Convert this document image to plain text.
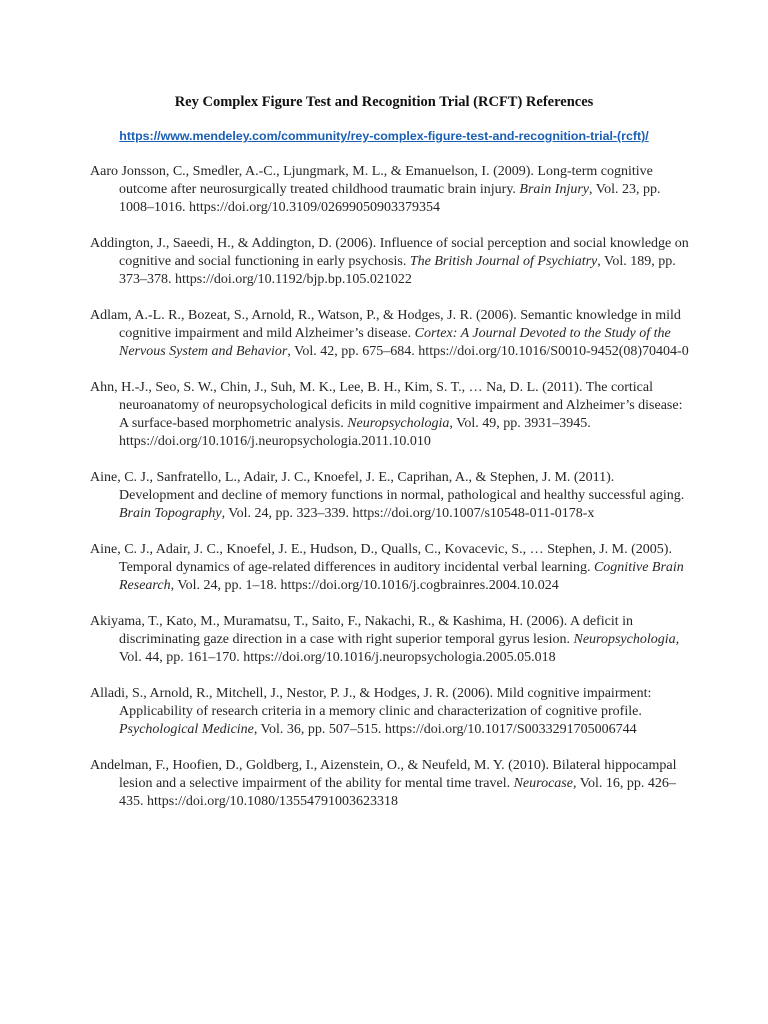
Rey Complex Figure Test and Recognition Trial (RCFT) References
https://www.mendeley.com/community/rey-complex-figure-test-and-recognition-trial-(rcft)/

Aaro Jonsson, C., Smedler, A.-C., Ljungmark, M. L., & Emanuelson, I. (2009). Long-term cognitive outcome after neurosurgically treated childhood traumatic brain injury. Brain Injury, Vol. 23, pp. 1008–1016. https://doi.org/10.3109/02699050903379354

Addington, J., Saeedi, H., & Addington, D. (2006). Influence of social perception and social knowledge on cognitive and social functioning in early psychosis. The British Journal of Psychiatry, Vol. 189, pp. 373–378. https://doi.org/10.1192/bjp.bp.105.021022

Adlam, A.-L. R., Bozeat, S., Arnold, R., Watson, P., & Hodges, J. R. (2006). Semantic knowledge in mild cognitive impairment and mild Alzheimer’s disease. Cortex: A Journal Devoted to the Study of the Nervous System and Behavior, Vol. 42, pp. 675–684. https://doi.org/10.1016/S0010-9452(08)70404-0

Ahn, H.-J., Seo, S. W., Chin, J., Suh, M. K., Lee, B. H., Kim, S. T., … Na, D. L. (2011). The cortical neuroanatomy of neuropsychological deficits in mild cognitive impairment and Alzheimer’s disease: A surface-based morphometric analysis. Neuropsychologia, Vol. 49, pp. 3931–3945. https://doi.org/10.1016/j.neuropsychologia.2011.10.010

Aine, C. J., Sanfratello, L., Adair, J. C., Knoefel, J. E., Caprihan, A., & Stephen, J. M. (2011). Development and decline of memory functions in normal, pathological and healthy successful aging. Brain Topography, Vol. 24, pp. 323–339. https://doi.org/10.1007/s10548-011-0178-x

Aine, C. J., Adair, J. C., Knoefel, J. E., Hudson, D., Qualls, C., Kovacevic, S., … Stephen, J. M. (2005). Temporal dynamics of age-related differences in auditory incidental verbal learning. Cognitive Brain Research, Vol. 24, pp. 1–18. https://doi.org/10.1016/j.cogbrainres.2004.10.024

Akiyama, T., Kato, M., Muramatsu, T., Saito, F., Nakachi, R., & Kashima, H. (2006). A deficit in discriminating gaze direction in a case with right superior temporal gyrus lesion. Neuropsychologia, Vol. 44, pp. 161–170. https://doi.org/10.1016/j.neuropsychologia.2005.05.018

Alladi, S., Arnold, R., Mitchell, J., Nestor, P. J., & Hodges, J. R. (2006). Mild cognitive impairment: Applicability of research criteria in a memory clinic and characterization of cognitive profile. Psychological Medicine, Vol. 36, pp. 507–515. https://doi.org/10.1017/S0033291705006744

Andelman, F., Hoofien, D., Goldberg, I., Aizenstein, O., & Neufeld, M. Y. (2010). Bilateral hippocampal lesion and a selective impairment of the ability for mental time travel. Neurocase, Vol. 16, pp. 426–435. https://doi.org/10.1080/13554791003623318
